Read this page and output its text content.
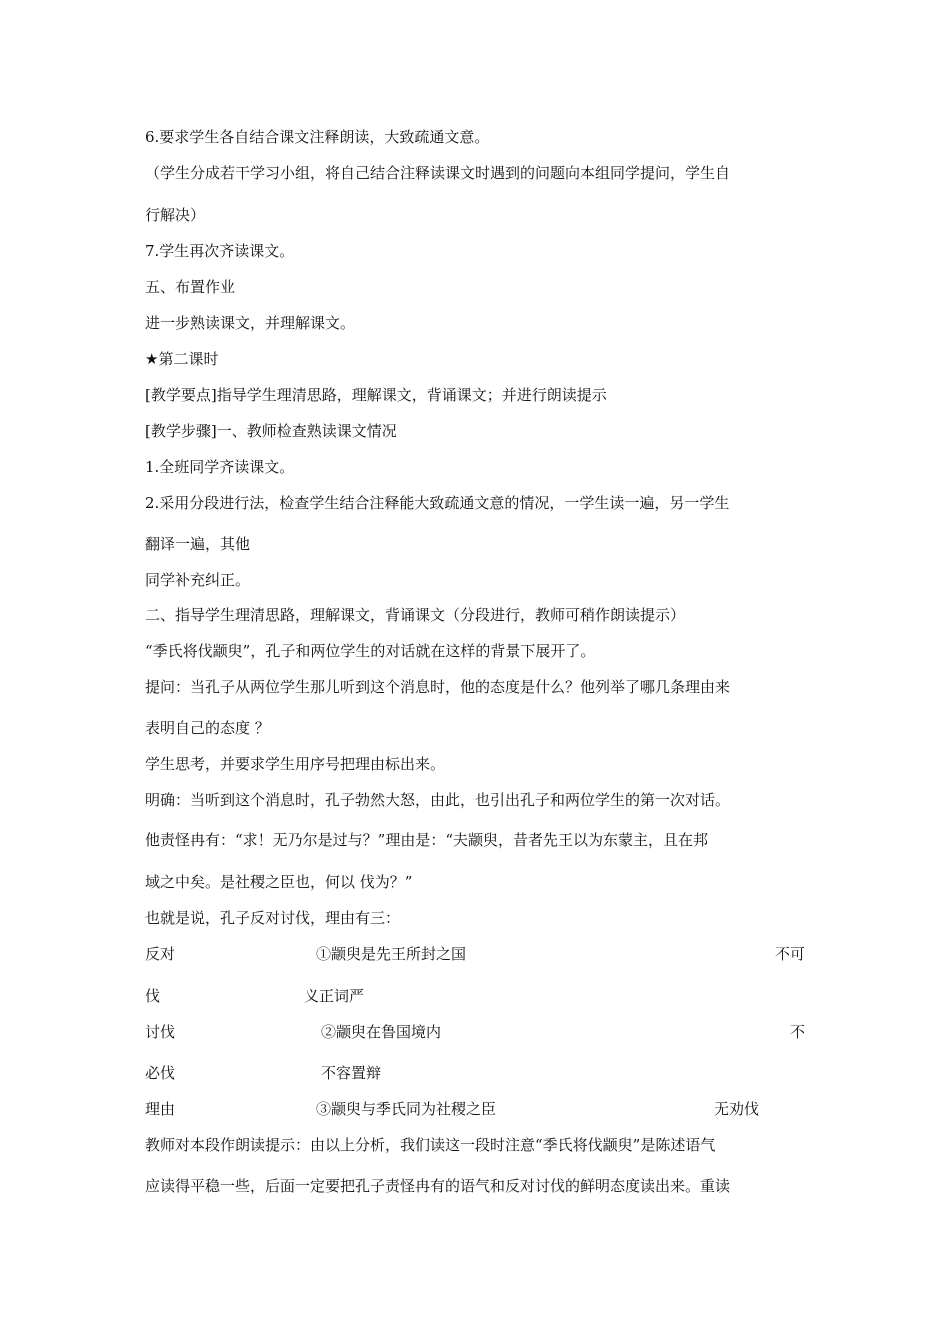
6.要求学生各自结合课文注释朗读，大致疏通文意。
（学生分成若干学习小组，将自己结合注释读课文时遇到的问题向本组同学提问，学生自
行解决）
7.学生再次齐读课文。
五、布置作业
进一步熟读课文，并理解课文。
★第二课时
[教学要点]指导学生理清思路，理解课文，背诵课文；并进行朗读提示
[教学步骤]一、教师检查熟读课文情况
1.全班同学齐读课文。
2.采用分段进行法，检查学生结合注释能大致疏通文意的情况，一学生读一遍，另一学生
翻译一遍，其他
同学补充纠正。
二、指导学生理清思路，理解课文，背诵课文（分段进行，教师可稍作朗读提示）
“季氏将伐颛臾”，孔子和两位学生的对话就在这样的背景下展开了。
提问：当孔子从两位学生那儿听到这个消息时，他的态度是什么？他列举了哪几条理由来
表明自己的态度 ？
学生思考，并要求学生用序号把理由标出来。
明确：当听到这个消息时，孔子勃然大怒，由此，也引出孔子和两位学生的第一次对话。
他责怪冉有：“求！无乃尔是过与？”理由是：“夫颛臾，昔者先王以为东蒙主，且在邦
域之中矣。是社稷之臣也，何以 伐为？”
也就是说，孔子反对讨伐，理由有三：
反对	①颛臾是先王所封之国	不可
伐	义正词严
讨伐	②颛臾在鲁国境内	不
必伐	不容置辩
理由	③颛臾与季氏同为社稷之臣	无劝伐
教师对本段作朗读提示：由以上分析，我们读这一段时注意“季氏将伐颛臾”是陈述语气
应读得平稳一些，后面一定要把孔子责怪冉有的语气和反对讨伐的鲜明态度读出来。重读
